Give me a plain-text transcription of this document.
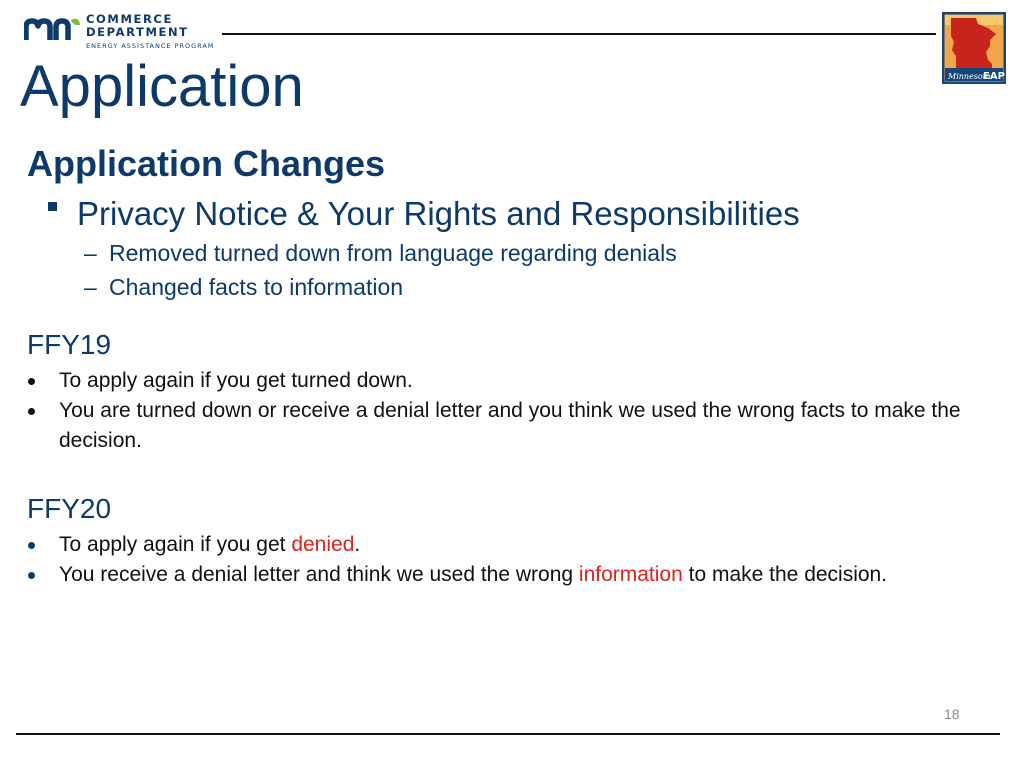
COMMERCE
DEPARTMENT
ENERGY ASSISTANCE PROGRAM
Minnesota
EAP
Application
Application Changes
Privacy Notice & Your Rights and Responsibilities
– Removed turned down from language regarding denials
– Changed facts to information
FFY19
To apply again if you get turned down.
You are turned down or receive a denial letter and you think we used the wrong facts to make the decision.
FFY20
To apply again if you get denied.
You receive a denial letter and think we used the wrong information to make the decision.
18
